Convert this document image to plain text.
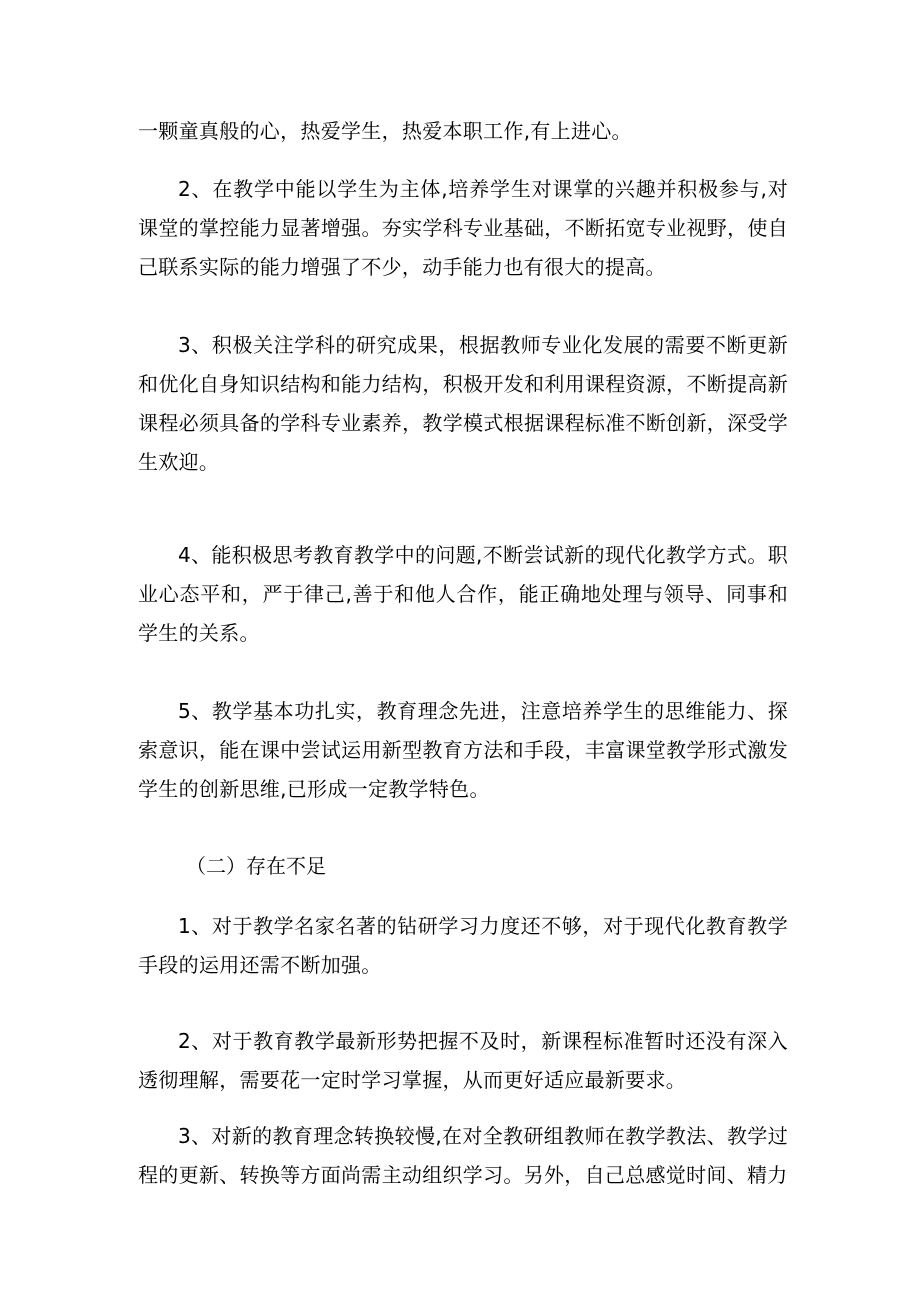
一颗童真般的心，热爱学生，热爱本职工作,有上进心。

2、在教学中能以学生为主体,培养学生对课掌的兴趣并积极参与,对课堂的掌控能力显著增强。夯实学科专业基础，不断拓宽专业视野，使自己联系实际的能力增强了不少，动手能力也有很大的提高。

3、积极关注学科的研究成果，根据教师专业化发展的需要不断更新和优化自身知识结构和能力结构，积极开发和利用课程资源，不断提高新课程必须具备的学科专业素养，教学模式根据课程标准不断创新，深受学生欢迎。

4、能积极思考教育教学中的问题,不断尝试新的现代化教学方式。职业心态平和，严于律己,善于和他人合作，能正确地处理与领导、同事和学生的关系。

5、教学基本功扎实，教育理念先进，注意培养学生的思维能力、探索意识，能在课中尝试运用新型教育方法和手段，丰富课堂教学形式激发学生的创新思维,已形成一定教学特色。

（二）存在不足

1、对于教学名家名著的钻研学习力度还不够，对于现代化教育教学手段的运用还需不断加强。

2、对于教育教学最新形势把握不及时，新课程标准暂时还没有深入透彻理解，需要花一定时学习掌握，从而更好适应最新要求。

3、对新的教育理念转换较慢,在对全教研组教师在教学教法、教学过程的更新、转换等方面尚需主动组织学习。另外，自己总感觉时间、精力
